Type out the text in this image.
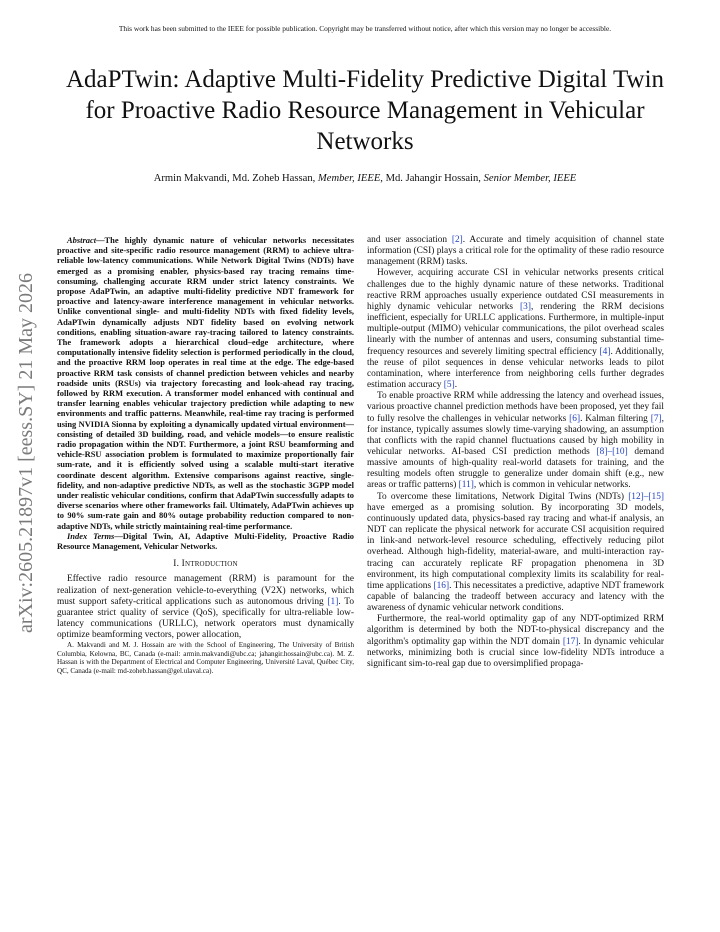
This work has been submitted to the IEEE for possible publication. Copyright may be transferred without notice, after which this version may no longer be accessible.
AdaPTwin: Adaptive Multi-Fidelity Predictive Digital Twin for Proactive Radio Resource Management in Vehicular Networks
Armin Makvandi, Md. Zoheb Hassan, Member, IEEE, Md. Jahangir Hossain, Senior Member, IEEE
arXiv:2605.21897v1 [eess.SY] 21 May 2026

Abstract—The highly dynamic nature of vehicular networks necessitates proactive and site-specific radio resource management (RRM) to achieve ultra-reliable low-latency communications. While Network Digital Twins (NDTs) have emerged as a promising enabler, physics-based ray tracing remains time-consuming, challenging accurate RRM under strict latency constraints. We propose AdaPTwin, an adaptive multi-fidelity predictive NDT framework for proactive and latency-aware interference management in vehicular networks. Unlike conventional single- and multi-fidelity NDTs with fixed fidelity levels, AdaPTwin dynamically adjusts NDT fidelity based on evolving network conditions, enabling situation-aware ray-tracing tailored to latency constraints. The framework adopts a hierarchical cloud–edge architecture, where computationally intensive fidelity selection is performed periodically in the cloud, and the proactive RRM loop operates in real time at the edge. The edge-based proactive RRM task consists of channel prediction between vehicles and nearby roadside units (RSUs) via trajectory forecasting and look-ahead ray tracing, followed by RRM execution. A transformer model enhanced with continual and transfer learning enables vehicular trajectory prediction while adapting to new environments and traffic patterns. Meanwhile, real-time ray tracing is performed using NVIDIA Sionna by exploiting a dynamically updated virtual environment—consisting of detailed 3D building, road, and vehicle models—to ensure realistic radio propagation within the NDT. Furthermore, a joint RSU beamforming and vehicle-RSU association problem is formulated to maximize proportionally fair sum-rate, and it is efficiently solved using a scalable multi-start iterative coordinate descent algorithm. Extensive comparisons against reactive, single-fidelity, and non-adaptive predictive NDTs, as well as the stochastic 3GPP model under realistic vehicular conditions, confirm that AdaPTwin successfully adapts to diverse scenarios where other frameworks fail. Ultimately, AdaPTwin achieves up to 90% sum-rate gain and 80% outage probability reduction compared to non-adaptive NDTs, while strictly maintaining real-time performance.

Index Terms—Digital Twin, AI, Adaptive Multi-Fidelity, Proactive Radio Resource Management, Vehicular Networks.

I. Introduction

Effective radio resource management (RRM) is paramount for the realization of next-generation vehicle-to-everything (V2X) networks, which must support safety-critical applications such as autonomous driving [1]. To guarantee strict quality of service (QoS), specifically for ultra-reliable low-latency communications (URLLC), network operators must dynamically optimize beamforming vectors, power allocation,

A. Makvandi and M. J. Hossain are with the School of Engineering, The University of British Columbia, Kelowna, BC, Canada (e-mail: armin.makvandi@ubc.ca; jahangir.hossain@ubc.ca). M. Z. Hassan is with the Department of Electrical and Computer Engineering, Université Laval, Québec City, QC, Canada (e-mail: md-zoheb.hassan@gel.ulaval.ca).

and user association [2]. Accurate and timely acquisition of channel state information (CSI) plays a critical role for the optimality of these radio resource management (RRM) tasks.

However, acquiring accurate CSI in vehicular networks presents critical challenges due to the highly dynamic nature of these networks. Traditional reactive RRM approaches usually experience outdated CSI measurements in highly dynamic vehicular networks [3], rendering the RRM decisions inefficient, especially for URLLC applications. Furthermore, in multiple-input multiple-output (MIMO) vehicular communications, the pilot overhead scales linearly with the number of antennas and users, consuming substantial time-frequency resources and severely limiting spectral efficiency [4]. Additionally, the reuse of pilot sequences in dense vehicular networks leads to pilot contamination, where interference from neighboring cells further degrades estimation accuracy [5].

To enable proactive RRM while addressing the latency and overhead issues, various proactive channel prediction methods have been proposed, yet they fail to fully resolve the challenges in vehicular networks [6]. Kalman filtering [7], for instance, typically assumes slowly time-varying shadowing, an assumption that conflicts with the rapid channel fluctuations caused by high mobility in vehicular networks. AI-based CSI prediction methods [8]–[10] demand massive amounts of high-quality real-world datasets for training, and the resulting models often struggle to generalize under domain shift (e.g., new areas or traffic patterns) [11], which is common in vehicular networks.

To overcome these limitations, Network Digital Twins (NDTs) [12]–[15] have emerged as a promising solution. By incorporating 3D models, continuously updated data, physics-based ray tracing and what-if analysis, an NDT can replicate the physical network for accurate CSI acquisition required in link-and network-level resource scheduling, effectively reducing pilot overhead. Although high-fidelity, material-aware, and multi-interaction ray-tracing can accurately replicate RF propagation phenomena in 3D environment, its high computational complexity limits its scalability for real-time applications [16]. This necessitates a predictive, adaptive NDT framework capable of balancing the tradeoff between accuracy and latency with the awareness of dynamic vehicular network conditions.

Furthermore, the real-world optimality gap of any NDT-optimized RRM algorithm is determined by both the NDT-to-physical discrepancy and the algorithm's optimality gap within the NDT domain [17]. In dynamic vehicular networks, minimizing both is crucial since low-fidelity NDTs introduce a significant sim-to-real gap due to oversimplified propaga-
